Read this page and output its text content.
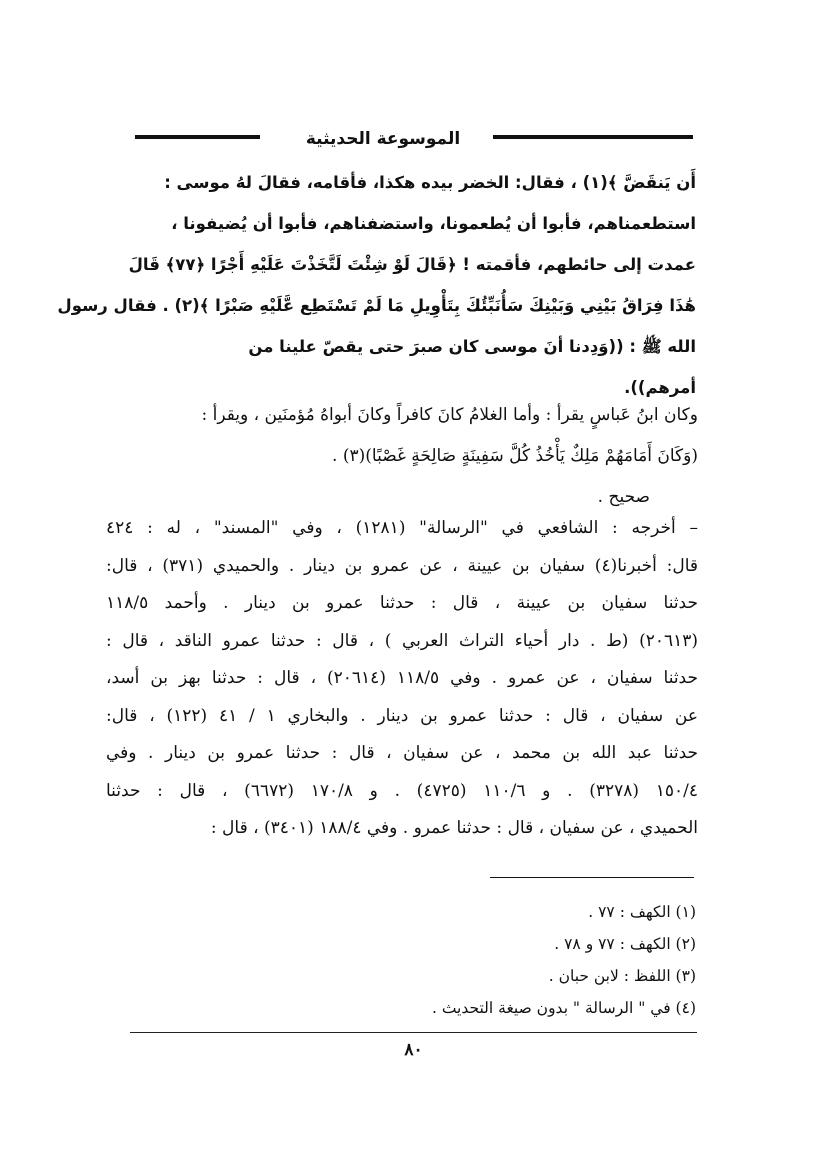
الموسوعة الحديثية
أَن يَنقَضَّ ﴾(١) ، فقال: الخضر بيده هكذا، فأقامه، فقالَ لهُ موسى :
استطعمناهم، فأبوا أن يُطعمونا، واستضفناهم، فأبوا أن يُضيفونا ،
عمدت إلى حائطهم، فأقمته ! ﴿قَالَ لَوْ شِئْتَ لَتَّخَذْتَ عَلَيْهِ أَجْرًا ﴿٧٧﴾ قَالَ
هَٰذَا فِرَاقُ بَيْنِي وَبَيْنِكَ سَأُنَبِّئُكَ بِتَأْوِيلِ مَا لَمْ تَسْتَطِع عَّلَيْهِ صَبْرًا ﴾(٢) . فقال رسول
الله ﷺ : ((وَدِدنا أنَ موسى كان صبرَ حتى يقصّ علينا من
أمرهم)).
وكان ابنُ عَباسٍ يقرأ : وأما الغلامُ كانَ كافراً وكانَ أبواهُ مُؤمنَين ، ويقرأ :
(وَكَانَ أَمَامَهُمْ مَلِكٌ يَأْخُذُ كُلَّ سَفِينَةٍ صَالِحَةٍ غَصْبًا)(٣) .
صحيح .
– أخرجه : الشافعي في "الرسالة" (١٢٨١) ، وفي "المسند" ، له : ٤٢٤
قال: أخبرنا(٤) سفيان بن عيينة ، عن عمرو بن دينار . والحميدي (٣٧١) ، قال:
حدثنا سفيان بن عيينة ، قال : حدثنا عمرو بن دينار . وأحمد ١١٨/٥
(٢٠٦١٣) (ط . دار أحياء التراث العربي ) ، قال : حدثنا عمرو الناقد ، قال :
حدثنا سفيان ، عن عمرو . وفي ١١٨/٥ (٢٠٦١٤) ، قال : حدثنا بهز بن أسد،
عن سفيان ، قال : حدثنا عمرو بن دينار . والبخاري ١ / ٤١ (١٢٢) ، قال:
حدثنا عبد الله بن محمد ، عن سفيان ، قال : حدثنا عمرو بن دينار . وفي
١٥٠/٤ (٣٢٧٨) . و ١١٠/٦ (٤٧٢٥) . و ١٧٠/٨ (٦٦٧٢) ، قال : حدثنا
الحميدي ، عن سفيان ، قال : حدثنا عمرو . وفي ١٨٨/٤ (٣٤٠١) ، قال :
(١) الكهف : ٧٧ .
(٢) الكهف : ٧٧ و ٧٨ .
(٣) اللفظ : لابن حبان .
(٤) في " الرسالة " بدون صيغة التحديث .
٨٠
